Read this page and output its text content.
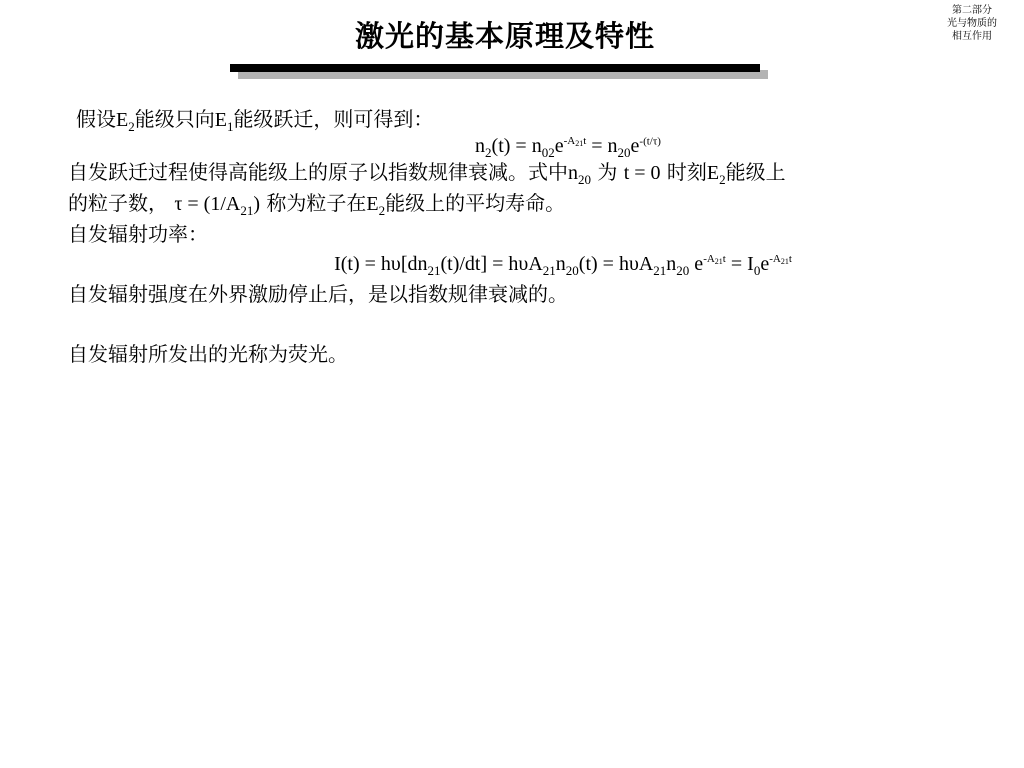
第二部分
光与物质的
相互作用
激光的基本原理及特性
假设$E_2$能级只向$E_1$能级跃迁，则可得到：
$n_2(t) = n_{02}e^{-A21t} = n_{20}e^{-(t/\tau)}$
自发跃迁过程使得高能级上的原子以指数规律衰减。式中$n_{20}$ 为 t = 0 时刻$E_2$能级上
的粒子数， $\tau = (1/A_{21})$ 称为粒子在$E_2$能级上的平均寿命。
自发辐射功率：
$I(t) = h\upsilon[dn_{21}(t)/dt] = h\upsilon A_{21}n_{20}(t) = h\upsilon A_{21}n_{20}$ $e^{-A21t} = I_0e^{-A21t}$
自发辐射强度在外界激励停止后，是以指数规律衰减的。
自发辐射所发出的光称为荧光。
